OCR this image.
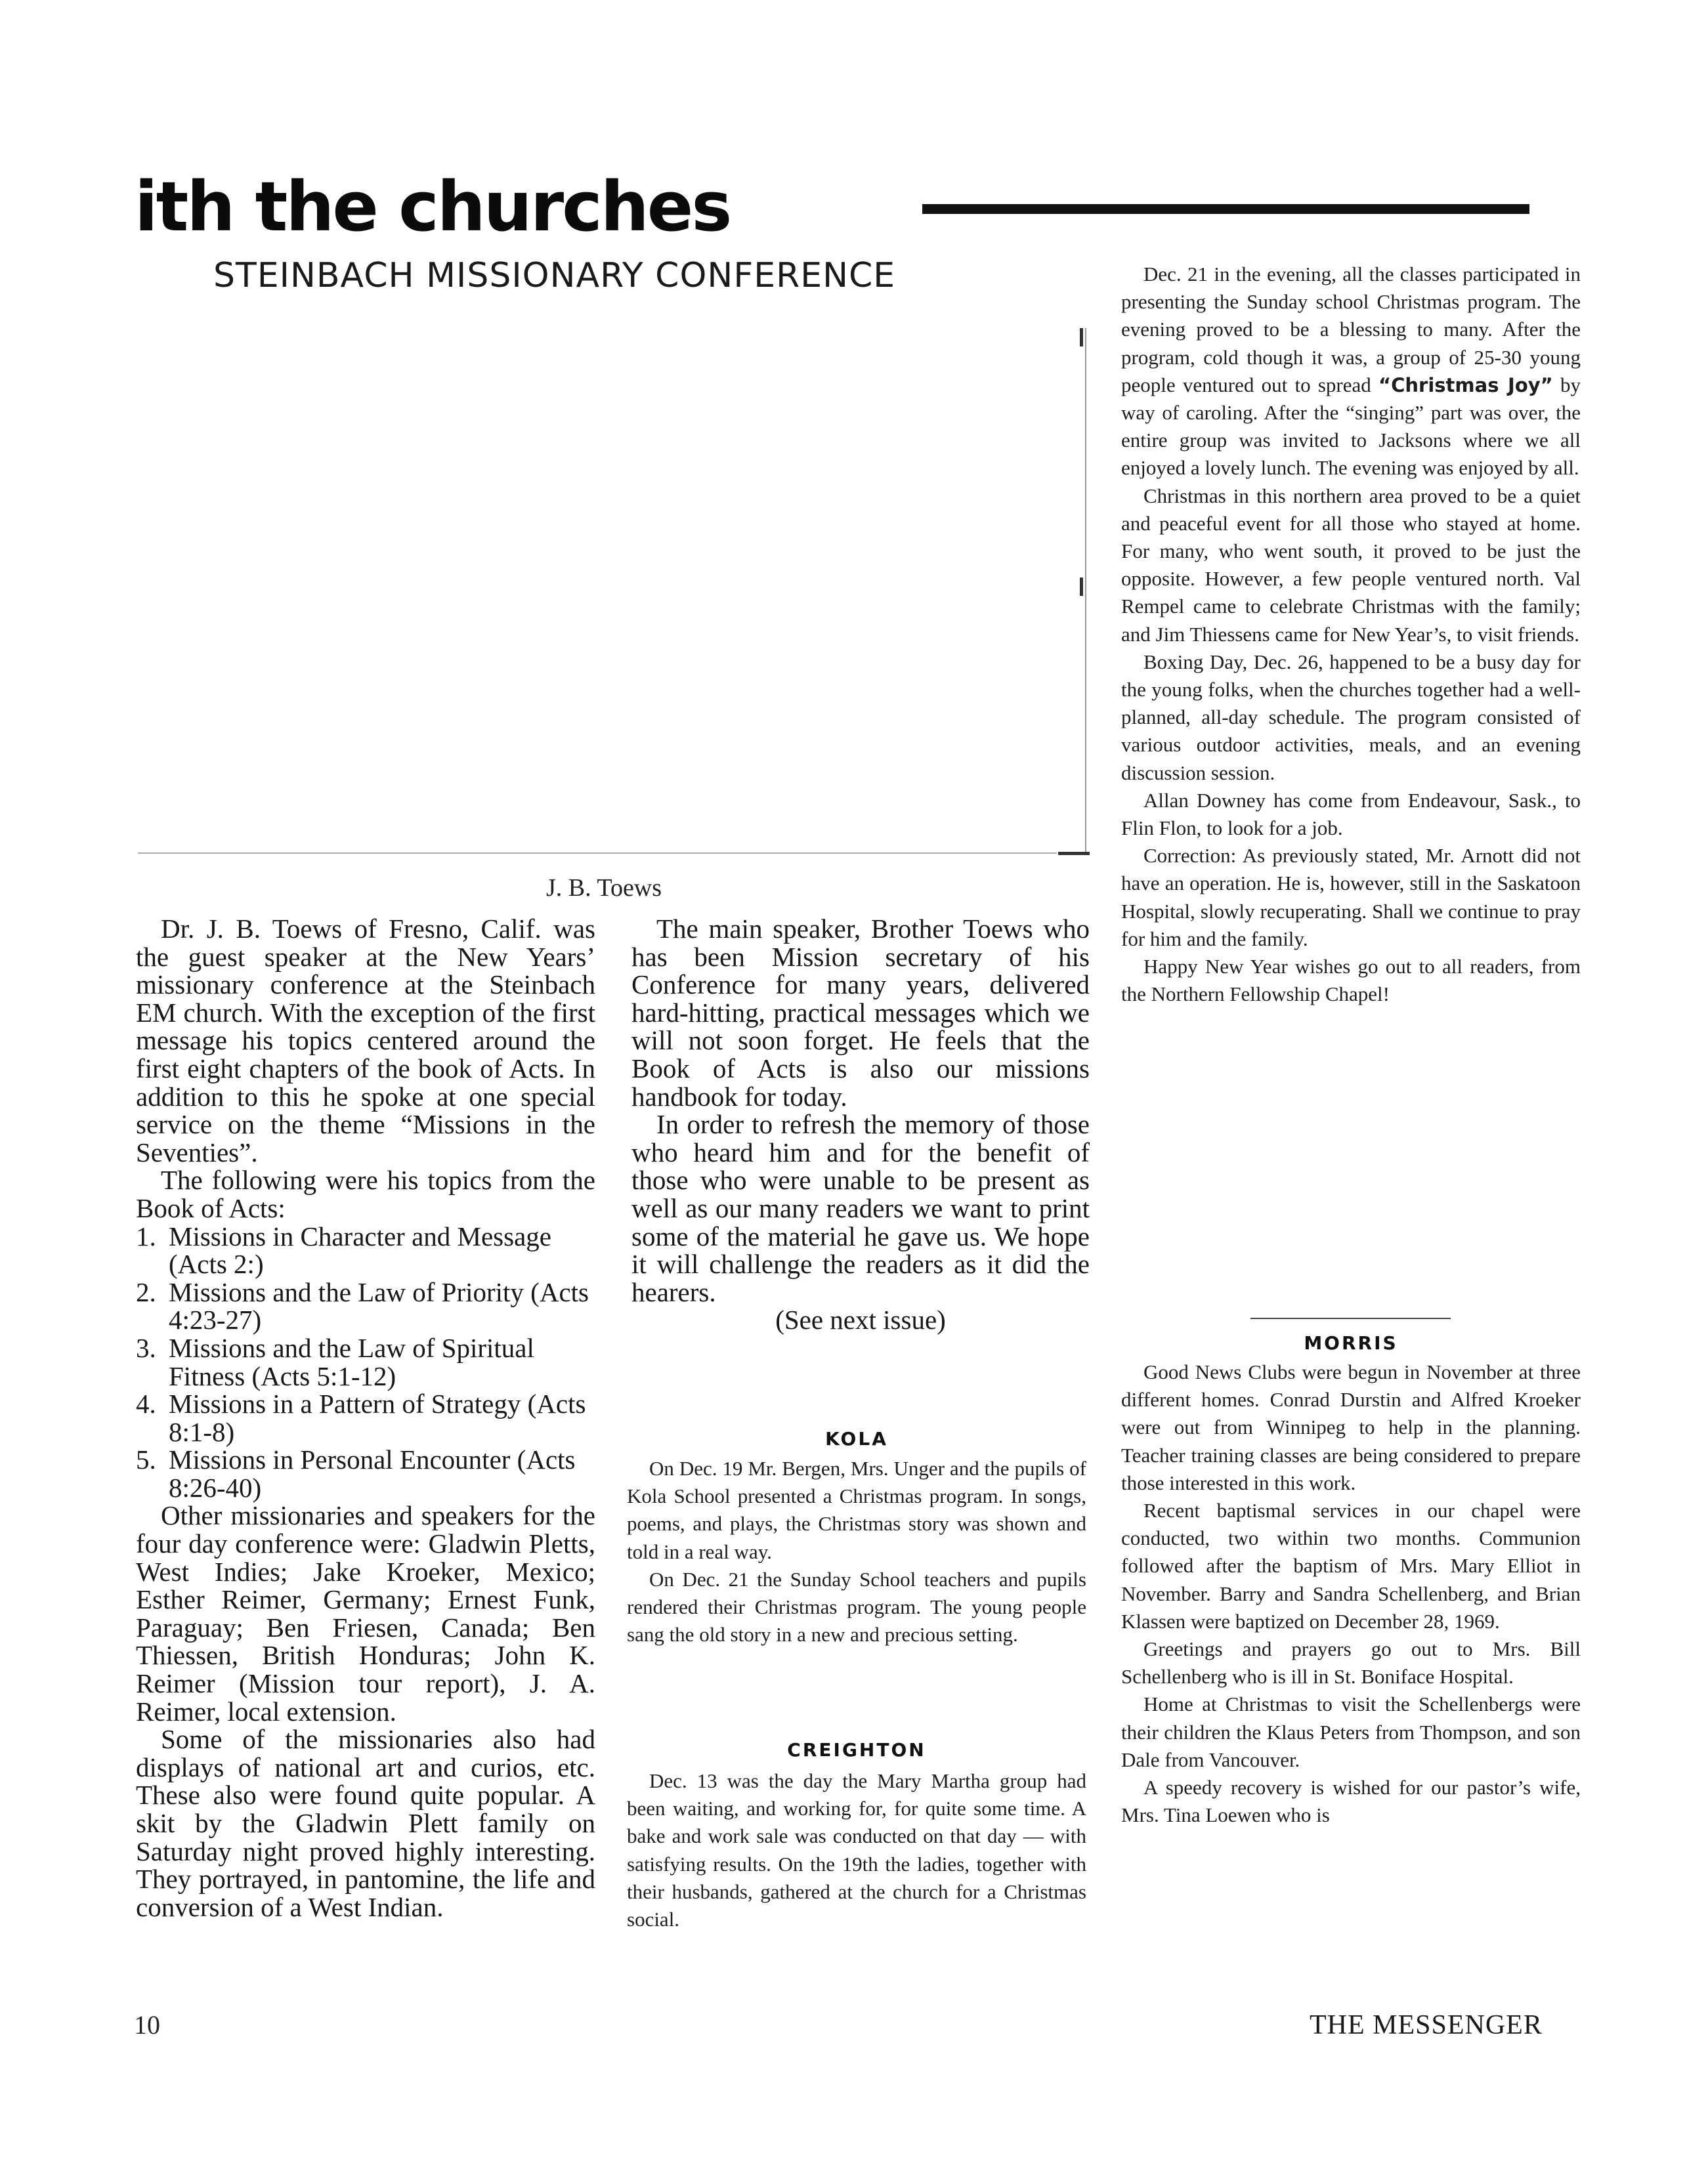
ith the churches
STEINBACH MISSIONARY CONFERENCE
J. B. Toews

Dr. J. B. Toews of Fresno, Calif. was the guest speaker at the New Years’ missionary conference at the Steinbach EM church. With the exception of the first message his topics centered around the first eight chapters of the book of Acts. In addition to this he spoke at one special service on the theme “Missions in the Seventies”.

The following were his topics from the Book of Acts:

1. Missions in Character and Message (Acts 2:)
2. Missions and the Law of Priority (Acts 4:23-27)
3. Missions and the Law of Spiritual Fitness (Acts 5:1-12)
4. Missions in a Pattern of Strategy (Acts 8:1-8)
5. Missions in Personal Encounter (Acts 8:26-40)

Other missionaries and speakers for the four day conference were: Gladwin Pletts, West Indies; Jake Kroeker, Mexico; Esther Reimer, Germany; Ernest Funk, Paraguay; Ben Friesen, Canada; Ben Thiessen, British Honduras; John K. Reimer (Mission tour report), J. A. Reimer, local extension.

Some of the missionaries also had displays of national art and curios, etc. These also were found quite popular. A skit by the Gladwin Plett family on Saturday night proved highly interesting. They portrayed, in pantomine, the life and conversion of a West Indian.

The main speaker, Brother Toews who has been Mission secretary of his Conference for many years, delivered hard-hitting, practical messages which we will not soon forget. He feels that the Book of Acts is also our missions handbook for today.

In order to refresh the memory of those who heard him and for the benefit of those who were unable to be present as well as our many readers we want to print some of the material he gave us. We hope it will challenge the readers as it did the hearers.

(See next issue)

KOLA

On Dec. 19 Mr. Bergen, Mrs. Unger and the pupils of Kola School presented a Christmas program. In songs, poems, and plays, the Christmas story was shown and told in a real way.

On Dec. 21 the Sunday School teachers and pupils rendered their Christmas program. The young people sang the old story in a new and precious setting.

CREIGHTON

Dec. 13 was the day the Mary Martha group had been waiting, and working for, for quite some time. A bake and work sale was conducted on that day — with satisfying results. On the 19th the ladies, together with their husbands, gathered at the church for a Christmas social.

Dec. 21 in the evening, all the classes participated in presenting the Sunday school Christmas program. The evening proved to be a blessing to many. After the program, cold though it was, a group of 25-30 young people ventured out to spread “Christmas Joy” by way of caroling. After the “singing” part was over, the entire group was invited to Jacksons where we all enjoyed a lovely lunch. The evening was enjoyed by all.

Christmas in this northern area proved to be a quiet and peaceful event for all those who stayed at home. For many, who went south, it proved to be just the opposite. However, a few people ventured north. Val Rempel came to celebrate Christmas with the family; and Jim Thiessens came for New Year’s, to visit friends.

Boxing Day, Dec. 26, happened to be a busy day for the young folks, when the churches together had a well-planned, all-day schedule. The program consisted of various outdoor activities, meals, and an evening discussion session.

Allan Downey has come from Endeavour, Sask., to Flin Flon, to look for a job.

Correction: As previously stated, Mr. Arnott did not have an operation. He is, however, still in the Saskatoon Hospital, slowly recuperating. Shall we continue to pray for him and the family.

Happy New Year wishes go out to all readers, from the Northern Fellowship Chapel!

MORRIS

Good News Clubs were begun in November at three different homes. Conrad Durstin and Alfred Kroeker were out from Winnipeg to help in the planning. Teacher training classes are being considered to prepare those interested in this work.

Recent baptismal services in our chapel were conducted, two within two months. Communion followed after the baptism of Mrs. Mary Elliot in November. Barry and Sandra Schellenberg, and Brian Klassen were baptized on December 28, 1969.

Greetings and prayers go out to Mrs. Bill Schellenberg who is ill in St. Boniface Hospital.

Home at Christmas to visit the Schellenbergs were their children the Klaus Peters from Thompson, and son Dale from Vancouver.

A speedy recovery is wished for our pastor’s wife, Mrs. Tina Loewen who is

10	THE MESSENGER
